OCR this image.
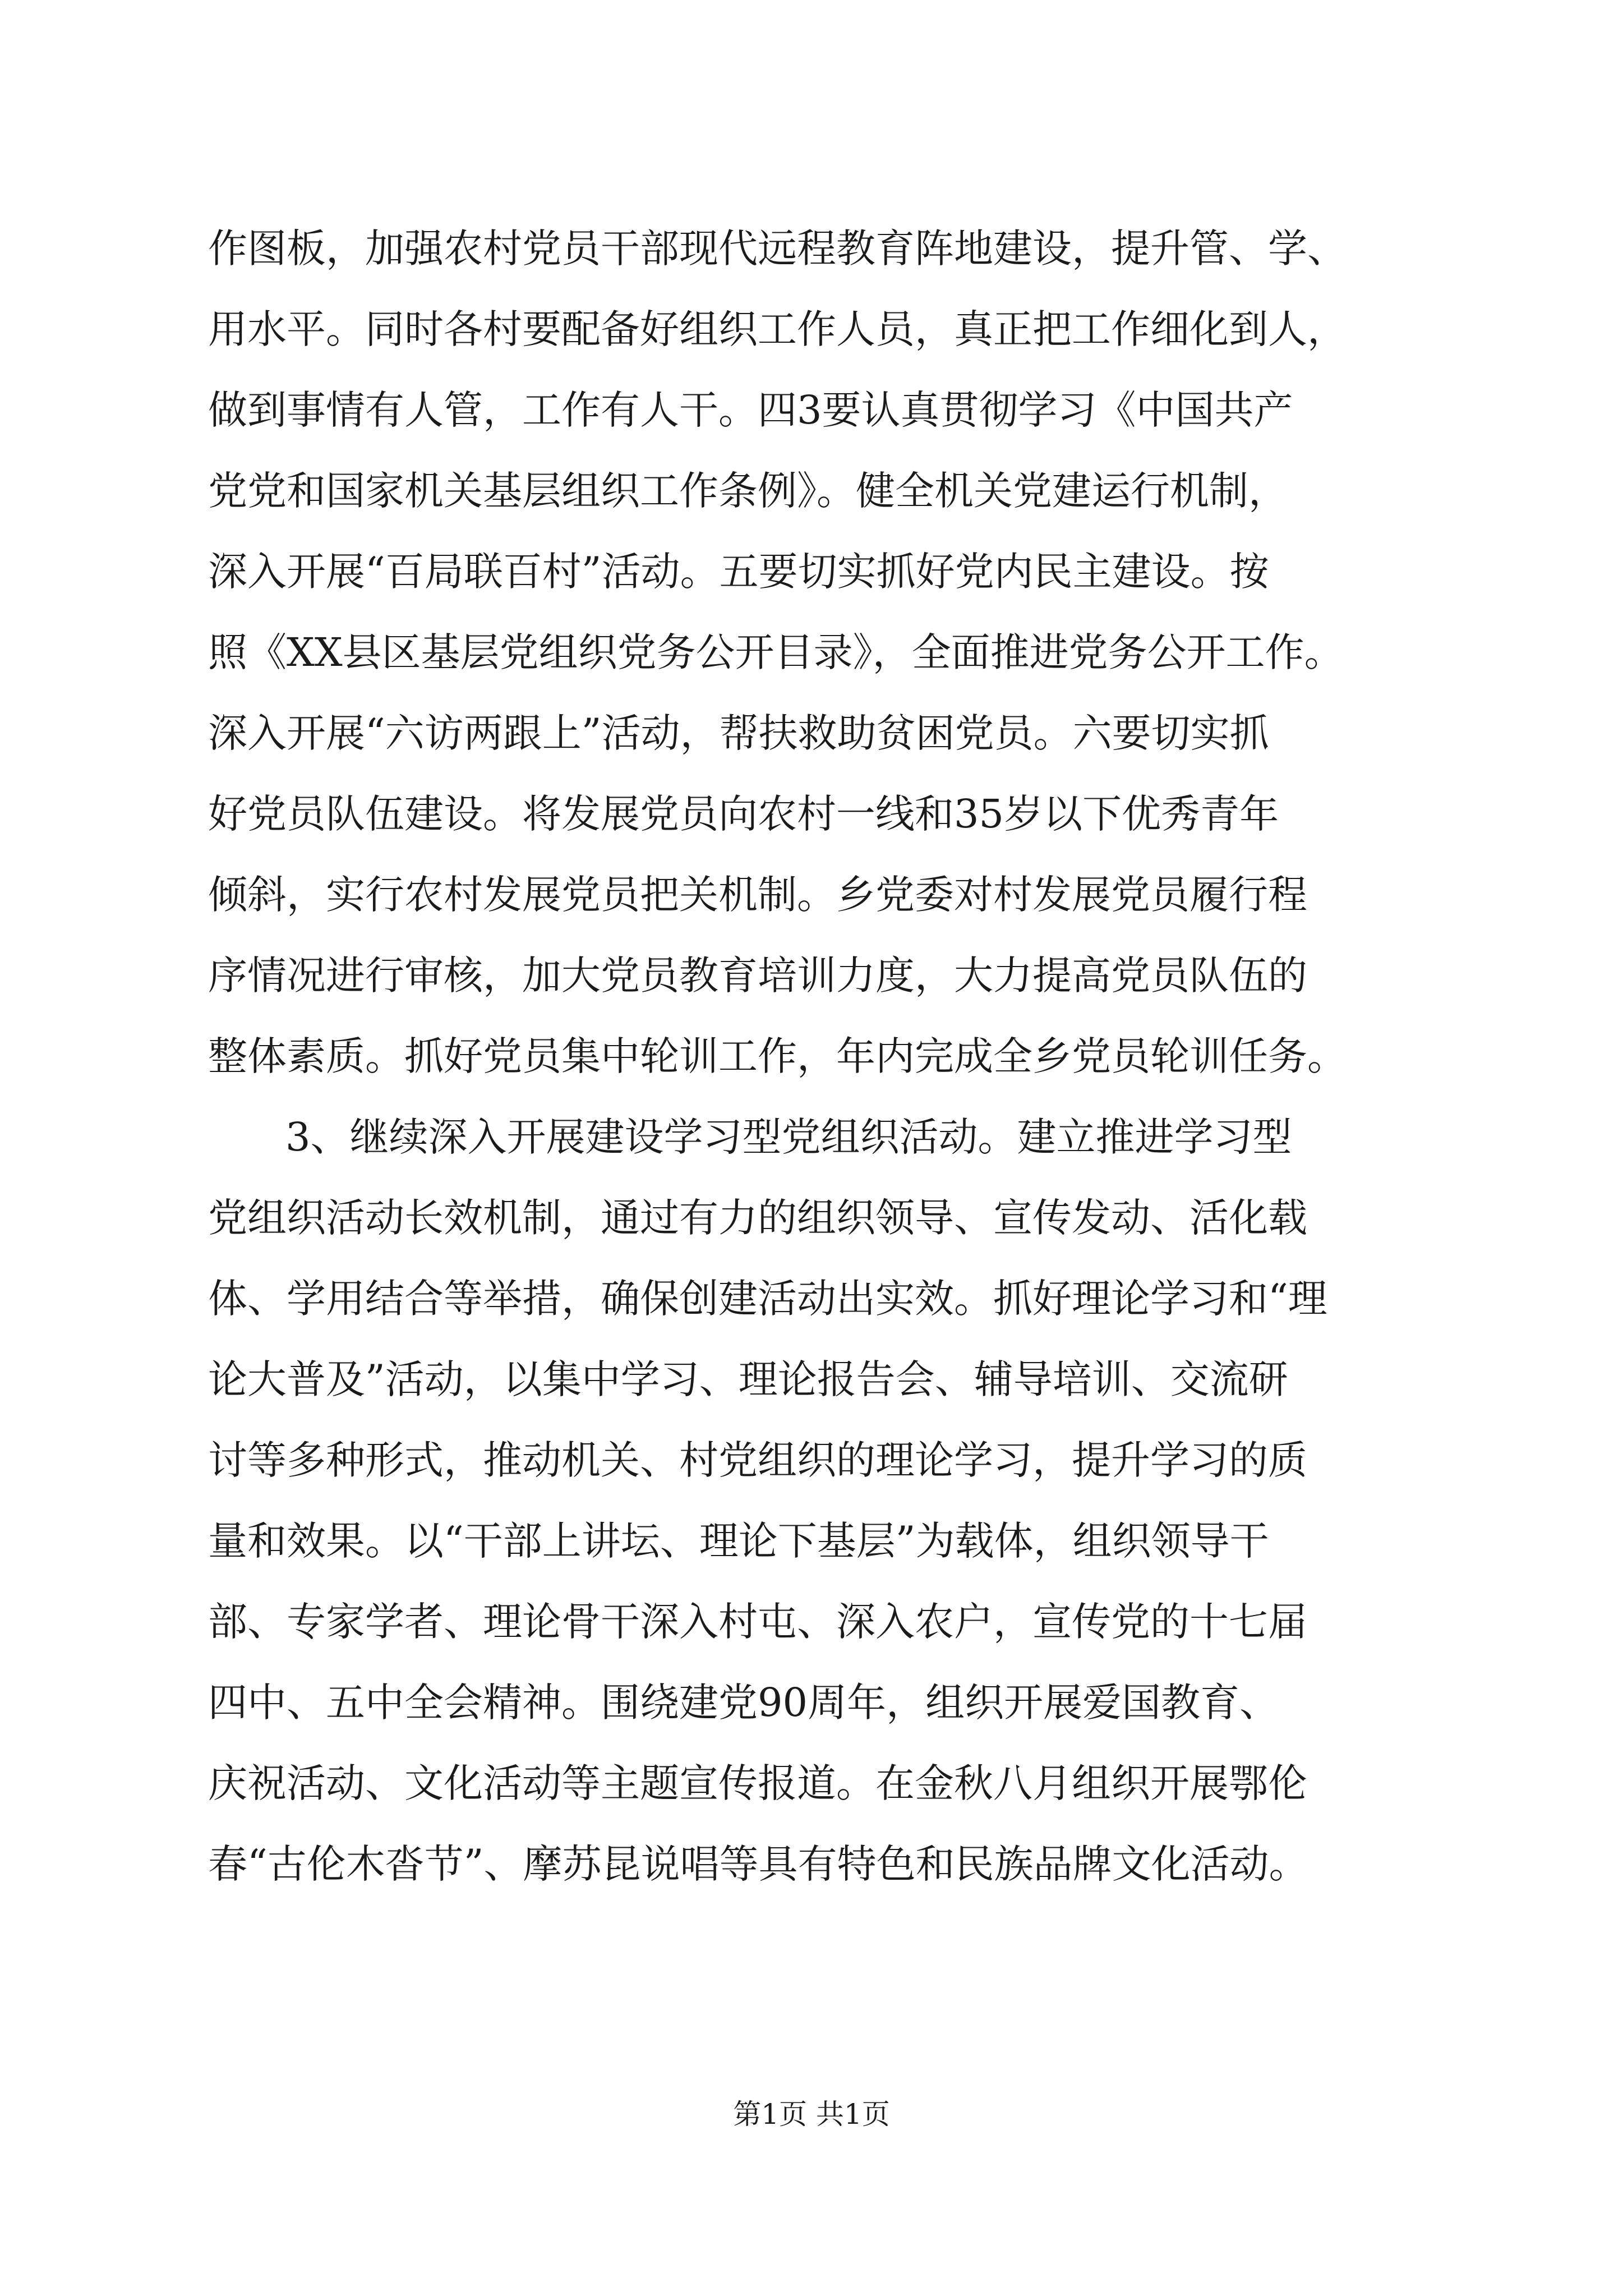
作图板，加强农村党员干部现代远程教育阵地建设，提升管、学、
用水平。同时各村要配备好组织工作人员，真正把工作细化到人，
做到事情有人管，工作有人干。四3要认真贯彻学习《中国共产
党党和国家机关基层组织工作条例》。健全机关党建运行机制，
深入开展“百局联百村”活动。五要切实抓好党内民主建设。按
照《XX县区基层党组织党务公开目录》，全面推进党务公开工作。
深入开展“六访两跟上”活动，帮扶救助贫困党员。六要切实抓
好党员队伍建设。将发展党员向农村一线和35岁以下优秀青年
倾斜，实行农村发展党员把关机制。乡党委对村发展党员履行程
序情况进行审核，加大党员教育培训力度，大力提高党员队伍的
整体素质。抓好党员集中轮训工作，年内完成全乡党员轮训任务。
3、继续深入开展建设学习型党组织活动。建立推进学习型
党组织活动长效机制，通过有力的组织领导、宣传发动、活化载
体、学用结合等举措，确保创建活动出实效。抓好理论学习和“理
论大普及”活动，以集中学习、理论报告会、辅导培训、交流研
讨等多种形式，推动机关、村党组织的理论学习，提升学习的质
量和效果。以“干部上讲坛、理论下基层”为载体，组织领导干
部、专家学者、理论骨干深入村屯、深入农户，宣传党的十七届
四中、五中全会精神。围绕建党90周年，组织开展爱国教育、
庆祝活动、文化活动等主题宣传报道。在金秋八月组织开展鄂伦
春“古伦木沓节”、摩苏昆说唱等具有特色和民族品牌文化活动。
第1页 共1页
